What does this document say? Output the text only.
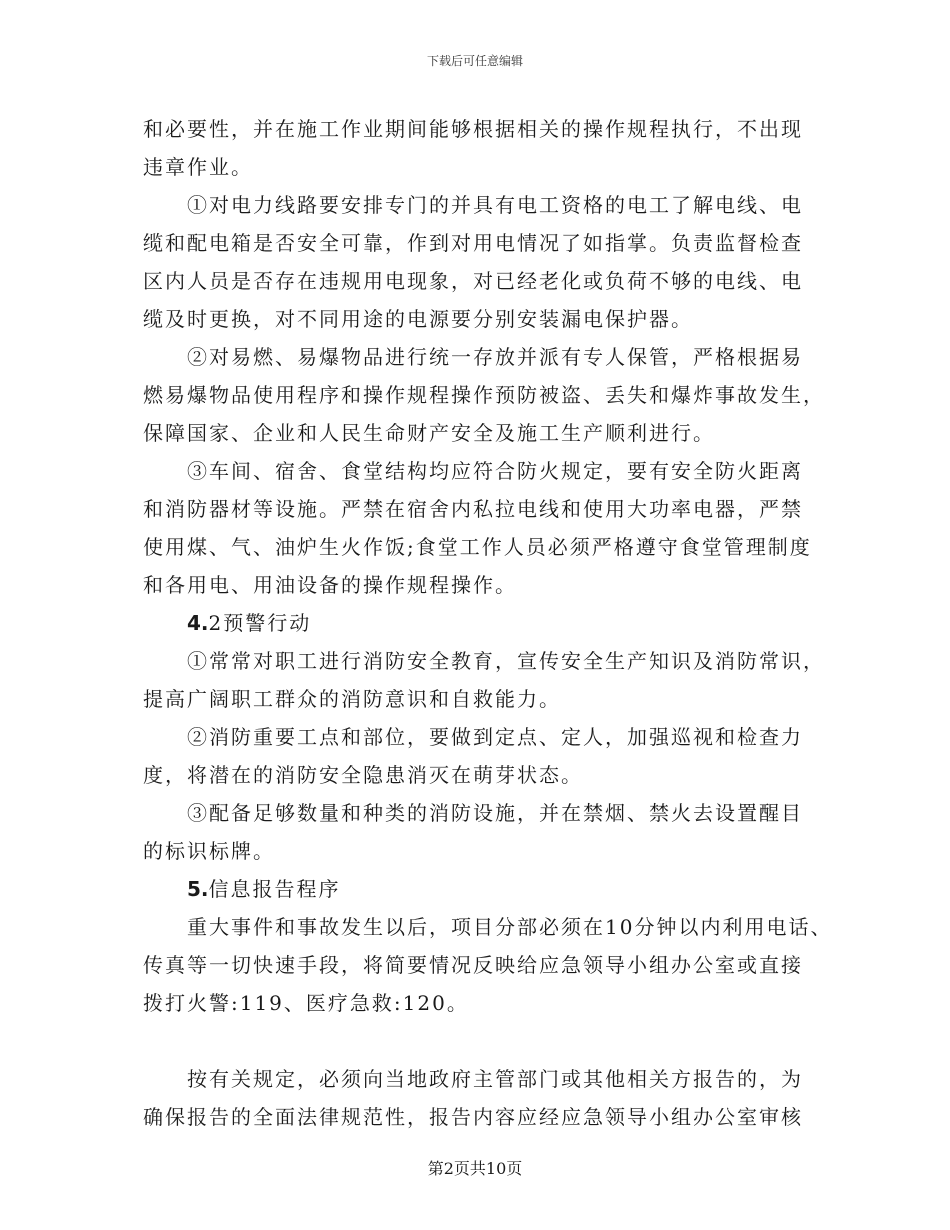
下载后可任意编辑
和必要性，并在施工作业期间能够根据相关的操作规程执行，不出现
违章作业。
①对电力线路要安排专门的并具有电工资格的电工了解电线、电
缆和配电箱是否安全可靠，作到对用电情况了如指掌。负责监督检查
区内人员是否存在违规用电现象，对已经老化或负荷不够的电线、电
缆及时更换，对不同用途的电源要分别安装漏电保护器。
②对易燃、易爆物品进行统一存放并派有专人保管，严格根据易
燃易爆物品使用程序和操作规程操作预防被盗、丢失和爆炸事故发生，
保障国家、企业和人民生命财产安全及施工生产顺利进行。
③车间、宿舍、食堂结构均应符合防火规定，要有安全防火距离
和消防器材等设施。严禁在宿舍内私拉电线和使用大功率电器，严禁
使用煤、气、油炉生火作饭;食堂工作人员必须严格遵守食堂管理制度
和各用电、用油设备的操作规程操作。
4.2预警行动
①常常对职工进行消防安全教育，宣传安全生产知识及消防常识，
提高广阔职工群众的消防意识和自救能力。
②消防重要工点和部位，要做到定点、定人，加强巡视和检查力
度，将潜在的消防安全隐患消灭在萌芽状态。
③配备足够数量和种类的消防设施，并在禁烟、禁火去设置醒目
的标识标牌。
5.信息报告程序
重大事件和事故发生以后，项目分部必须在10分钟以内利用电话、
传真等一切快速手段，将简要情况反映给应急领导小组办公室或直接
拨打火警:119、医疗急救:120。
按有关规定，必须向当地政府主管部门或其他相关方报告的，为
确保报告的全面法律规范性，报告内容应经应急领导小组办公室审核
第2页共10页
